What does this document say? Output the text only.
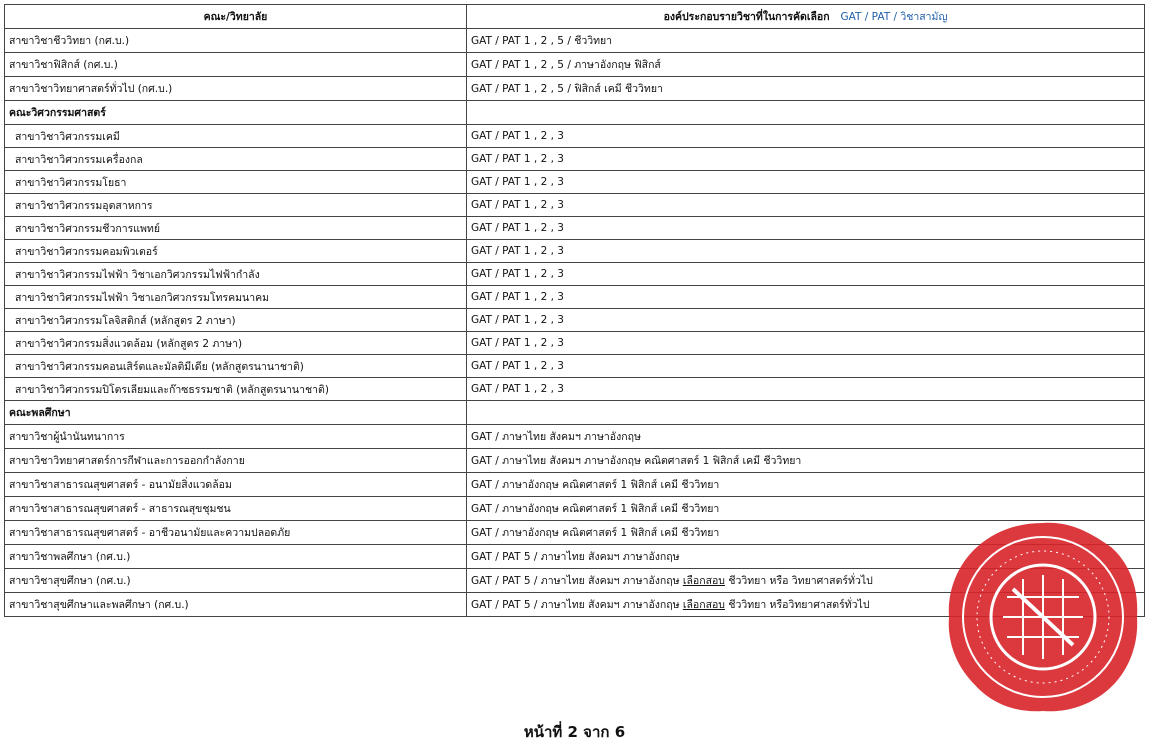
คณะ/วิทยาลัย	องค์ประกอบรายวิชาที่ในการคัดเลือก GAT / PAT / วิชาสามัญ
สาขาวิชาชีววิทยา (กศ.บ.)	GAT / PAT 1 , 2 , 5 / ชีววิทยา
สาขาวิชาฟิสิกส์ (กศ.บ.)	GAT / PAT 1 , 2 , 5 / ภาษาอังกฤษ ฟิสิกส์
สาขาวิชาวิทยาศาสตร์ทั่วไป (กศ.บ.)	GAT / PAT 1 , 2 , 5 / ฟิสิกส์ เคมี ชีววิทยา
คณะวิศวกรรมศาสตร์	
สาขาวิชาวิศวกรรมเคมี	GAT / PAT 1 , 2 , 3
สาขาวิชาวิศวกรรมเครื่องกล	GAT / PAT 1 , 2 , 3
สาขาวิชาวิศวกรรมโยธา	GAT / PAT 1 , 2 , 3
สาขาวิชาวิศวกรรมอุตสาหการ	GAT / PAT 1 , 2 , 3
สาขาวิชาวิศวกรรมชีวการแพทย์	GAT / PAT 1 , 2 , 3
สาขาวิชาวิศวกรรมคอมพิวเตอร์	GAT / PAT 1 , 2 , 3
สาขาวิชาวิศวกรรมไฟฟ้า วิชาเอกวิศวกรรมไฟฟ้ากำลัง	GAT / PAT 1 , 2 , 3
สาขาวิชาวิศวกรรมไฟฟ้า วิชาเอกวิศวกรรมโทรคมนาคม	GAT / PAT 1 , 2 , 3
สาขาวิชาวิศวกรรมโลจิสติกส์ (หลักสูตร 2 ภาษา)	GAT / PAT 1 , 2 , 3
สาขาวิชาวิศวกรรมสิ่งแวดล้อม (หลักสูตร 2 ภาษา)	GAT / PAT 1 , 2 , 3
สาขาวิชาวิศวกรรมคอนเสิร์ตและมัลติมีเดีย (หลักสูตรนานาชาติ)	GAT / PAT 1 , 2 , 3
สาขาวิชาวิศวกรรมปิโตรเลียมและก๊าซธรรมชาติ (หลักสูตรนานาชาติ)	GAT / PAT 1 , 2 , 3
คณะพลศึกษา	
สาขาวิชาผู้นำนันทนาการ	GAT / ภาษาไทย สังคมฯ ภาษาอังกฤษ
สาขาวิชาวิทยาศาสตร์การกีฬาและการออกกำลังกาย	GAT / ภาษาไทย สังคมฯ ภาษาอังกฤษ คณิตศาสตร์ 1 ฟิสิกส์ เคมี ชีววิทยา
สาขาวิชาสาธารณสุขศาสตร์ - อนามัยสิ่งแวดล้อม	GAT / ภาษาอังกฤษ คณิตศาสตร์ 1 ฟิสิกส์ เคมี ชีววิทยา
สาขาวิชาสาธารณสุขศาสตร์ - สาธารณสุขชุมชน	GAT / ภาษาอังกฤษ คณิตศาสตร์ 1 ฟิสิกส์ เคมี ชีววิทยา
สาขาวิชาสาธารณสุขศาสตร์ - อาชีวอนามัยและความปลอดภัย	GAT / ภาษาอังกฤษ คณิตศาสตร์ 1 ฟิสิกส์ เคมี ชีววิทยา
สาขาวิชาพลศึกษา (กศ.บ.)	GAT / PAT 5 / ภาษาไทย สังคมฯ ภาษาอังกฤษ
สาขาวิชาสุขศึกษา (กศ.บ.)	GAT / PAT 5 / ภาษาไทย สังคมฯ ภาษาอังกฤษ เลือกสอบ ชีววิทยา หรือ วิทยาศาสตร์ทั่วไป
สาขาวิชาสุขศึกษาและพลศึกษา (กศ.บ.)	GAT / PAT 5 / ภาษาไทย สังคมฯ ภาษาอังกฤษ เลือกสอบ ชีววิทยา หรือวิทยาศาสตร์ทั่วไป
หน้าที่ 2 จาก 6
